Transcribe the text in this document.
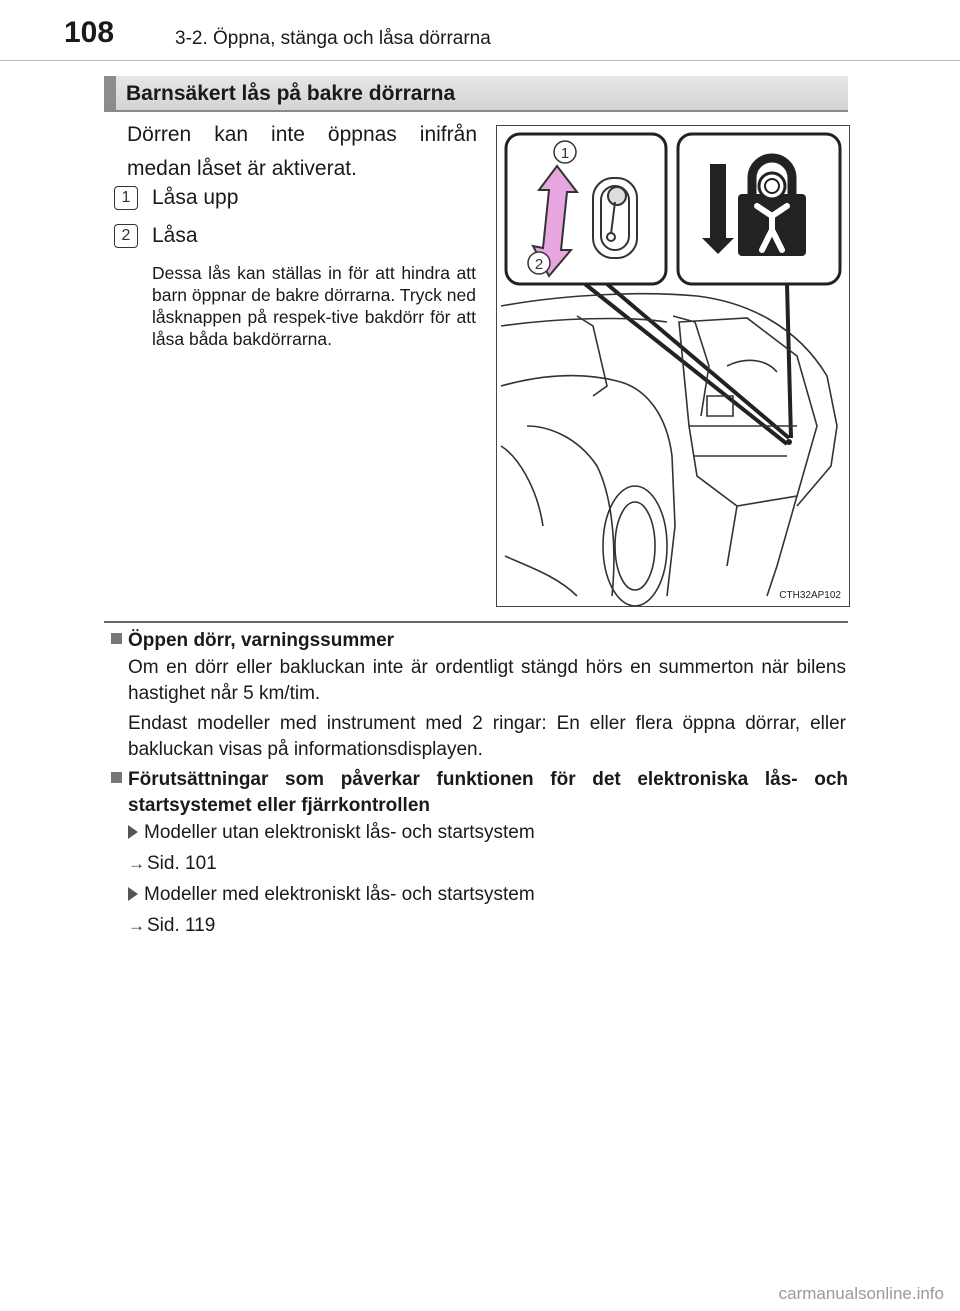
108	3-2. Öppna, stänga och låsa dörrarna
Barnsäkert lås på bakre dörrarna
Dörren kan inte öppnas inifrån medan låset är aktiverat.
1 Låsa upp
2 Låsa
Dessa lås kan ställas in för att hindra att barn öppnar de bakre dörrarna. Tryck ned låsknappen på respek-tive bakdörr för att låsa båda bakdörrarna.
1
2
CTH32AP102
Öppen dörr, varningssummer
Om en dörr eller bakluckan inte är ordentligt stängd hörs en summerton när bilens hastighet når 5 km/tim.
Endast modeller med instrument med 2 ringar: En eller flera öppna dörrar, eller bakluckan visas på informationsdisplayen.
Förutsättningar som påverkar funktionen för det elektroniska lås- och startsystemet eller fjärrkontrollen
Modeller utan elektroniskt lås- och startsystem
→ Sid. 101
Modeller med elektroniskt lås- och startsystem
→ Sid. 119
carmanualsonline.info
